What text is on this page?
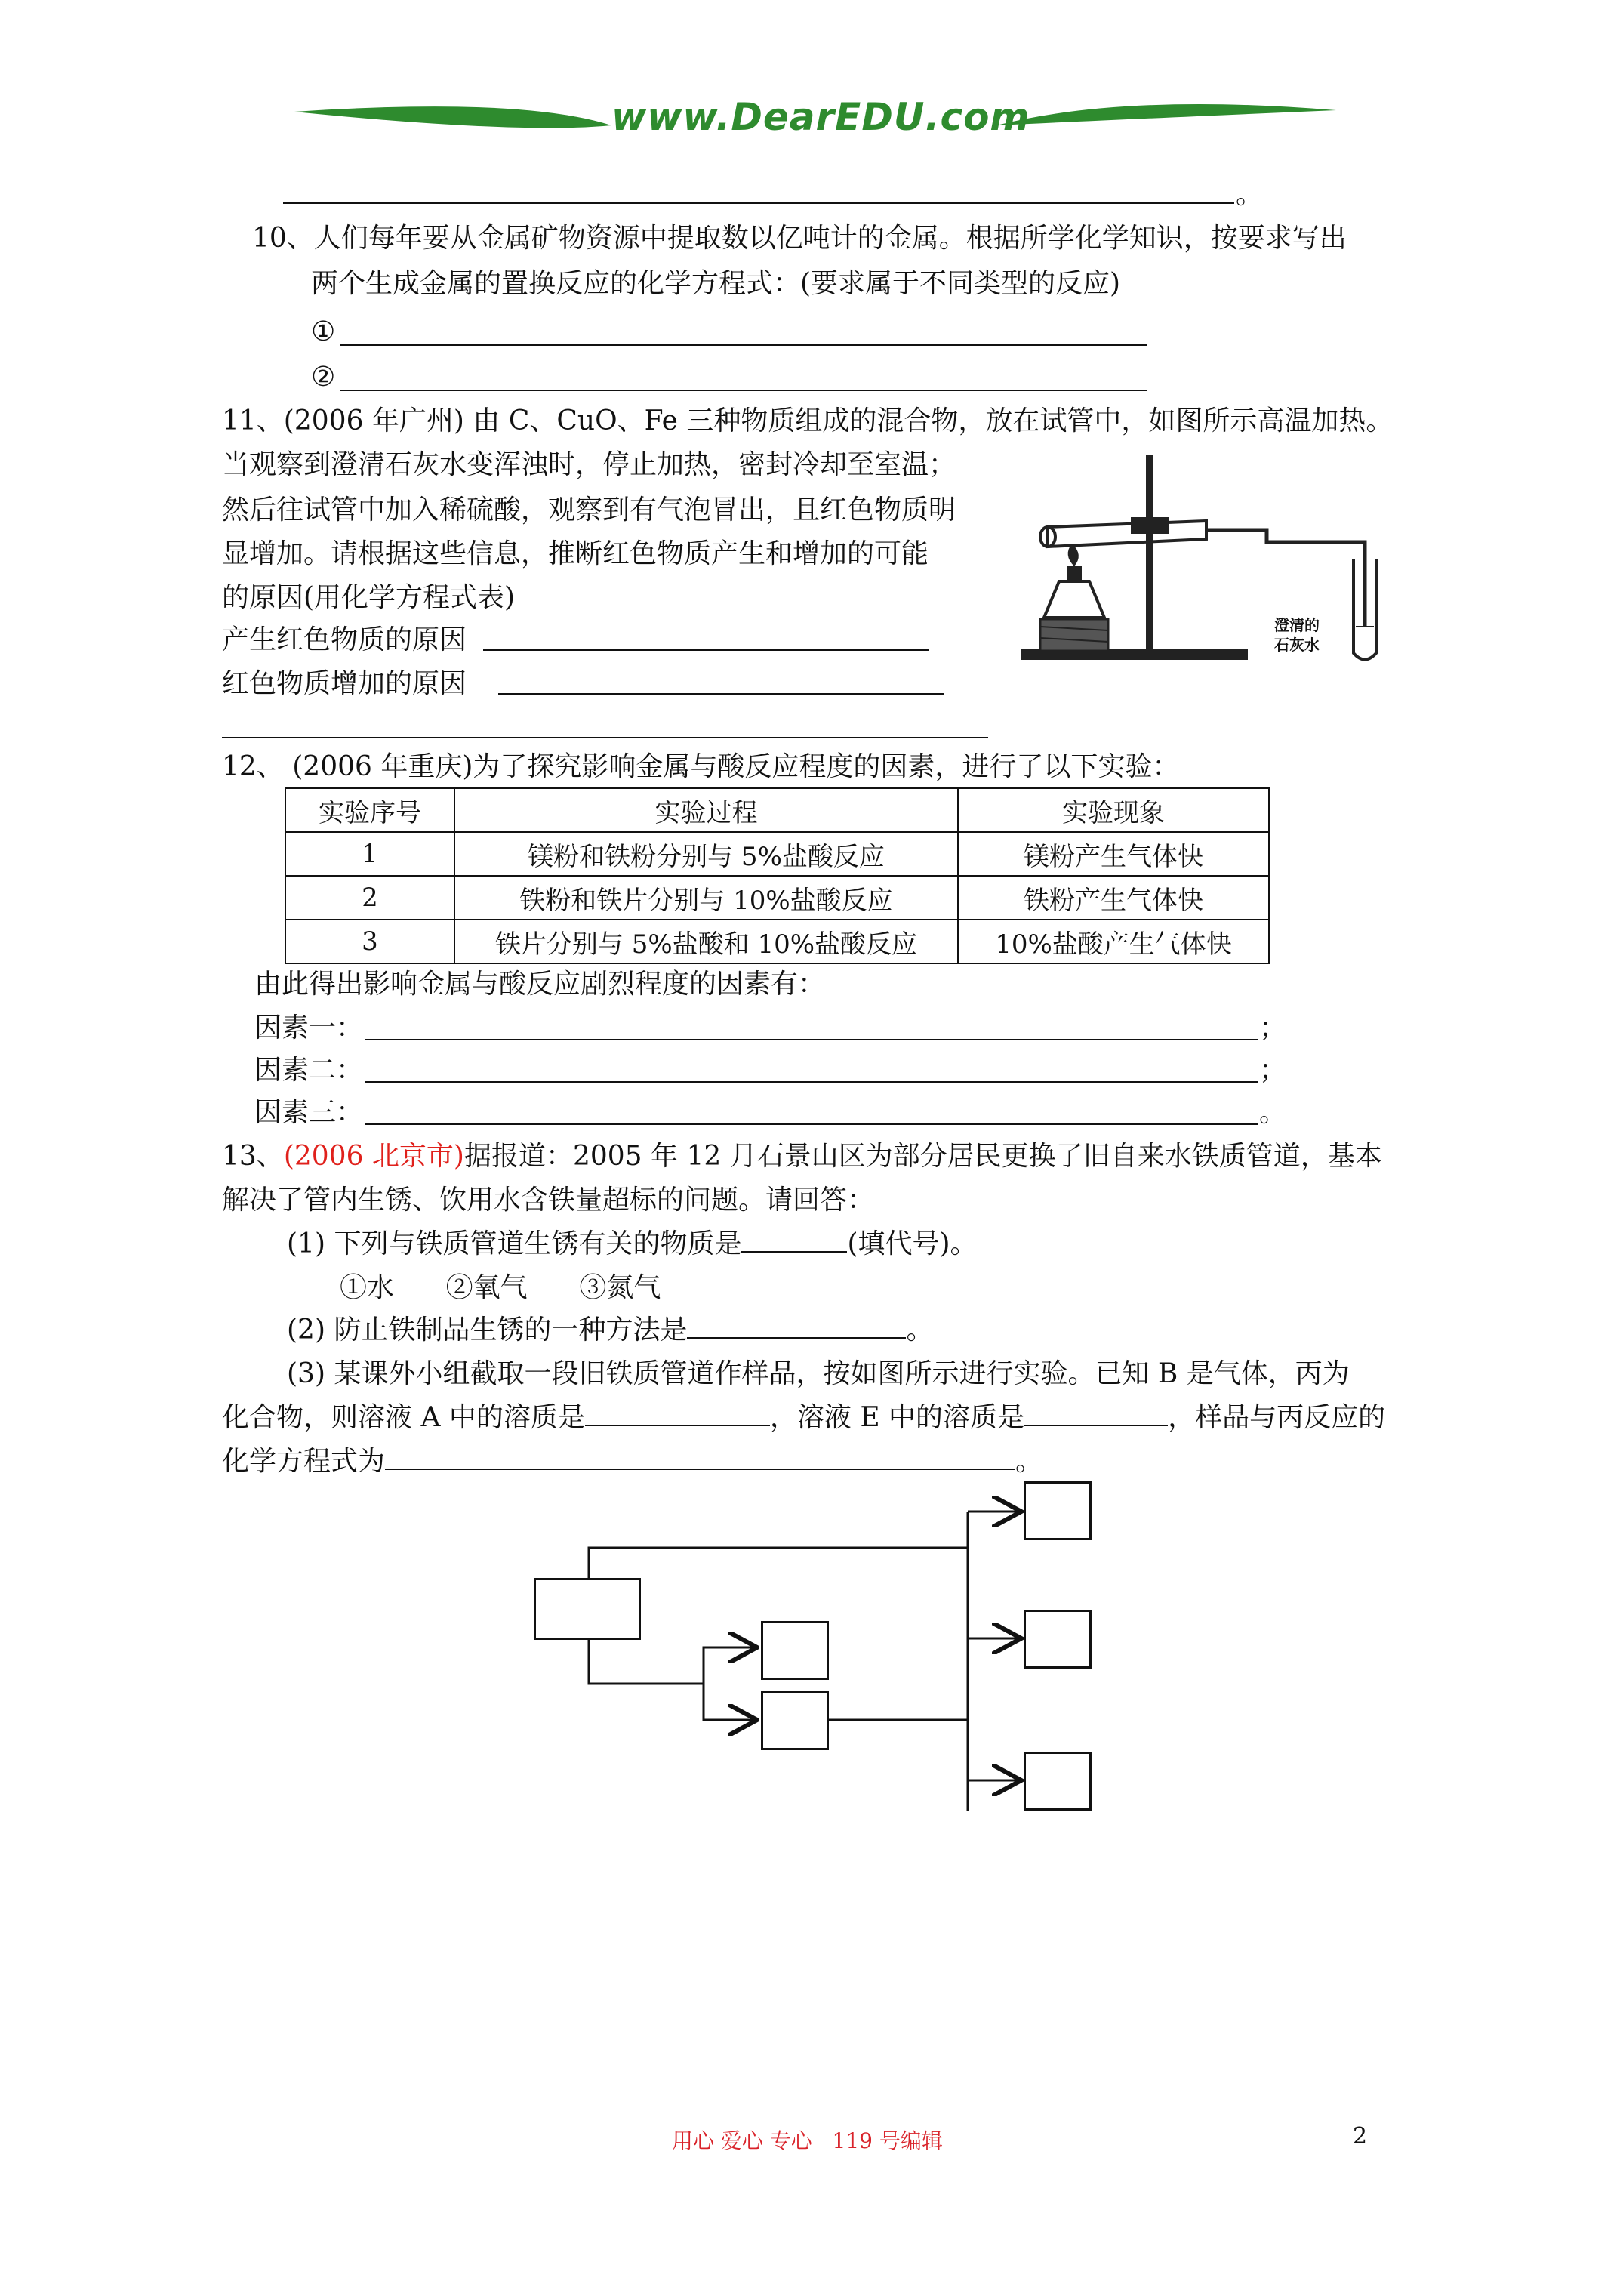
www.DearEDU.com
。
10、人们每年要从金属矿物资源中提取数以亿吨计的金属。根据所学化学知识，按要求写出
两个生成金属的置换反应的化学方程式：(要求属于不同类型的反应)
①
②
11、(2006 年广州) 由 C、CuO、Fe 三种物质组成的混合物，放在试管中，如图所示高温加热。
当观察到澄清石灰水变浑浊时，停止加热，密封冷却至室温；
然后往试管中加入稀硫酸，观察到有气泡冒出，且红色物质明
显增加。请根据这些信息，推断红色物质产生和增加的可能
的原因(用化学方程式表)
产生红色物质的原因
红色物质增加的原因
澄清的
石灰水
12、 (2006 年重庆)为了探究影响金属与酸反应程度的因素，进行了以下实验：
实验序号	实验过程	实验现象
1	镁粉和铁粉分别与 5%盐酸反应	镁粉产生气体快
2	铁粉和铁片分别与 10%盐酸反应	铁粉产生气体快
3	铁片分别与 5%盐酸和 10%盐酸反应	10%盐酸产生气体快
由此得出影响金属与酸反应剧烈程度的因素有：
因素一：	；
因素二：	；
因素三：	。
13、(2006 北京市)据报道：2005 年 12 月石景山区为部分居民更换了旧自来水铁质管道，基本
解决了管内生锈、饮用水含铁量超标的问题。请回答：
(1) 下列与铁质管道生锈有关的物质是	(填代号)。
①水      ②氧气      ③氮气
(2) 防止铁制品生锈的一种方法是	。
(3) 某课外小组截取一段旧铁质管道作样品，按如图所示进行实验。已知 B 是气体，丙为
化合物，则溶液 A 中的溶质是	，溶液 E 中的溶质是	，样品与丙反应的
化学方程式为	。
用心 爱心 专心   119 号编辑	2
